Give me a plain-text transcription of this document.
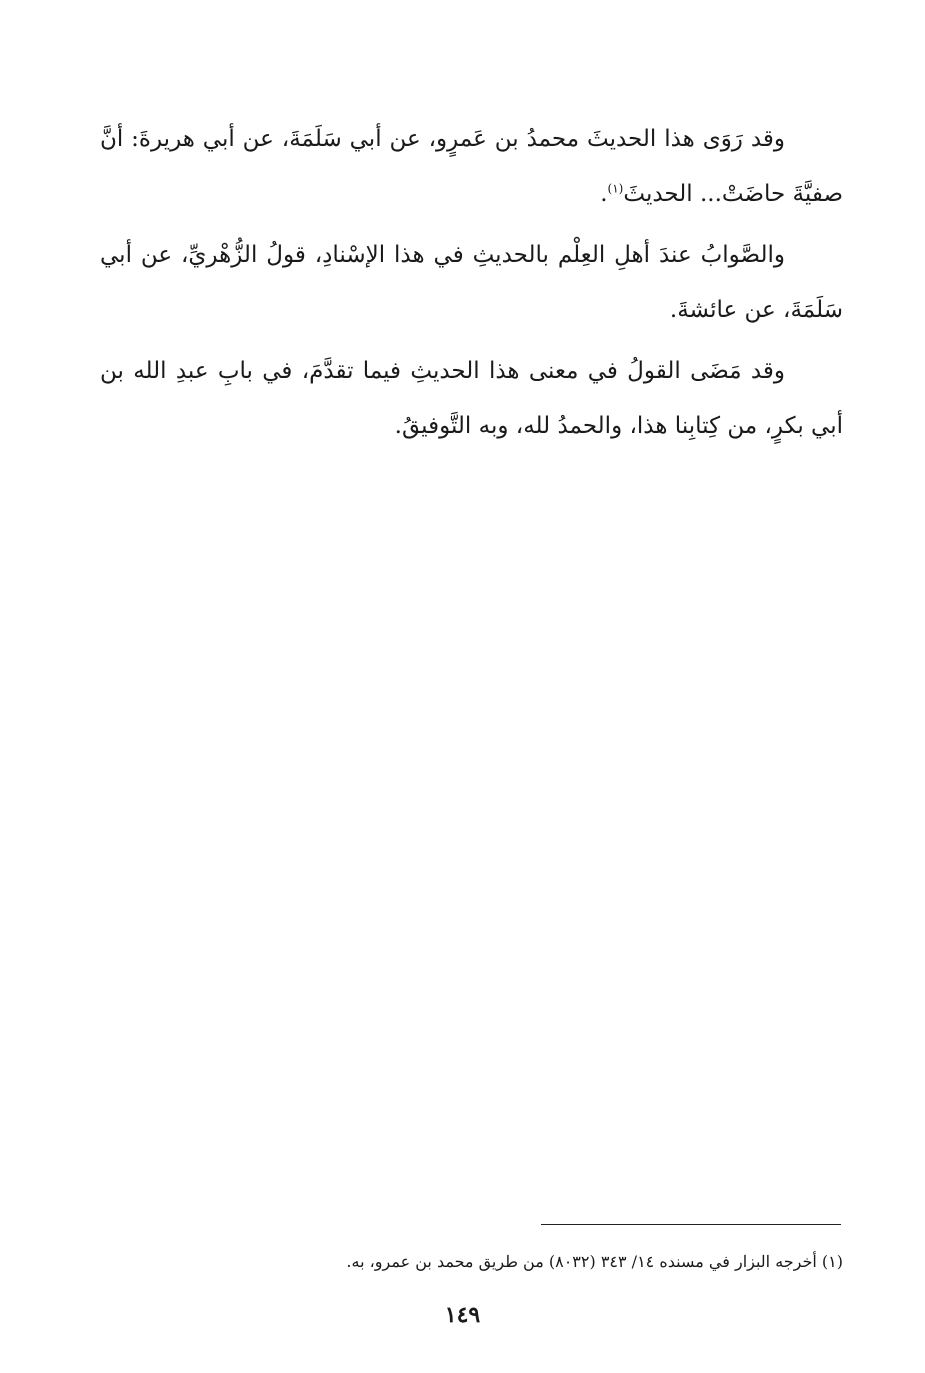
وقد رَوَى هذا الحديثَ محمدُ بن عَمرٍو، عن أبي سَلَمَةَ، عن أبي هريرةَ: أنَّ صفيَّةَ حاضَتْ... الحديثَ$^{(١)}$.

والصَّوابُ عندَ أهلِ العِلْم بالحديثِ في هذا الإسْنادِ، قولُ الزُّهْريِّ، عن أبي سَلَمَةَ، عن عائشةَ.

وقد مَضَى القولُ في معنى هذا الحديثِ فيما تقدَّمَ، في بابِ عبدِ الله بن أبي بكرٍ، من كِتابِنا هذا، والحمدُ لله، وبه التَّوفيقُ.

(١) أخرجه البزار في مسنده ١٤/ ٣٤٣ (٨٠٣٢) من طريق محمد بن عمرو، به.
١٤٩
